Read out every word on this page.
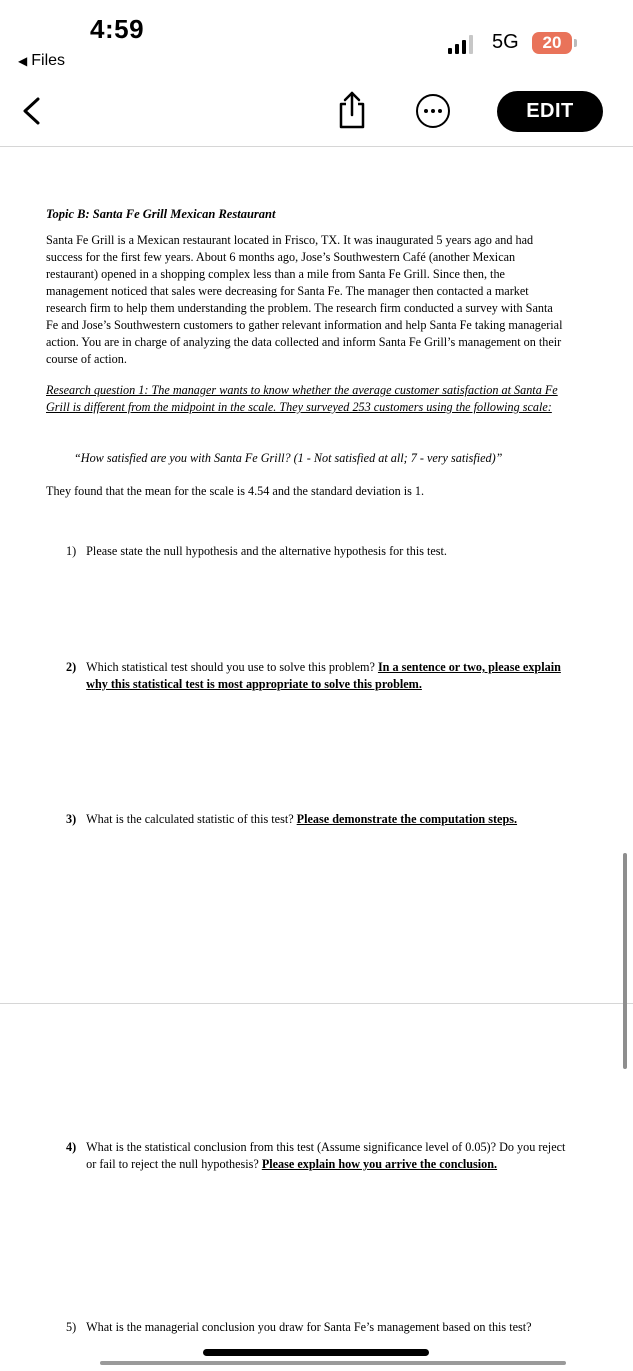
4:59
◀ Files
5G	20
EDIT
Topic B: Santa Fe Grill Mexican Restaurant
Santa Fe Grill is a Mexican restaurant located in Frisco, TX. It was inaugurated 5 years ago and had success for the first few years. About 6 months ago, Jose’s Southwestern Café (another Mexican restaurant) opened in a shopping complex less than a mile from Santa Fe Grill. Since then, the management noticed that sales were decreasing for Santa Fe. The manager then contacted a market research firm to help them understanding the problem. The research firm conducted a survey with Santa Fe and Jose’s Southwestern customers to gather relevant information and help Santa Fe taking managerial action. You are in charge of analyzing the data collected and inform Santa Fe Grill’s management on their course of action.
Research question 1: The manager wants to know whether the average customer satisfaction at Santa Fe Grill is different from the midpoint in the scale. They surveyed 253 customers using the following scale:
“How satisfied are you with Santa Fe Grill? (1 - Not satisfied at all; 7 - very satisfied)”
They found that the mean for the scale is 4.54 and the standard deviation is 1.
1) Please state the null hypothesis and the alternative hypothesis for this test.
2) Which statistical test should you use to solve this problem? In a sentence or two, please explain why this statistical test is most appropriate to solve this problem.
3) What is the calculated statistic of this test? Please demonstrate the computation steps.
4) What is the statistical conclusion from this test (Assume significance level of 0.05)? Do you reject or fail to reject the null hypothesis? Please explain how you arrive the conclusion.
5) What is the managerial conclusion you draw for Santa Fe’s management based on this test?
